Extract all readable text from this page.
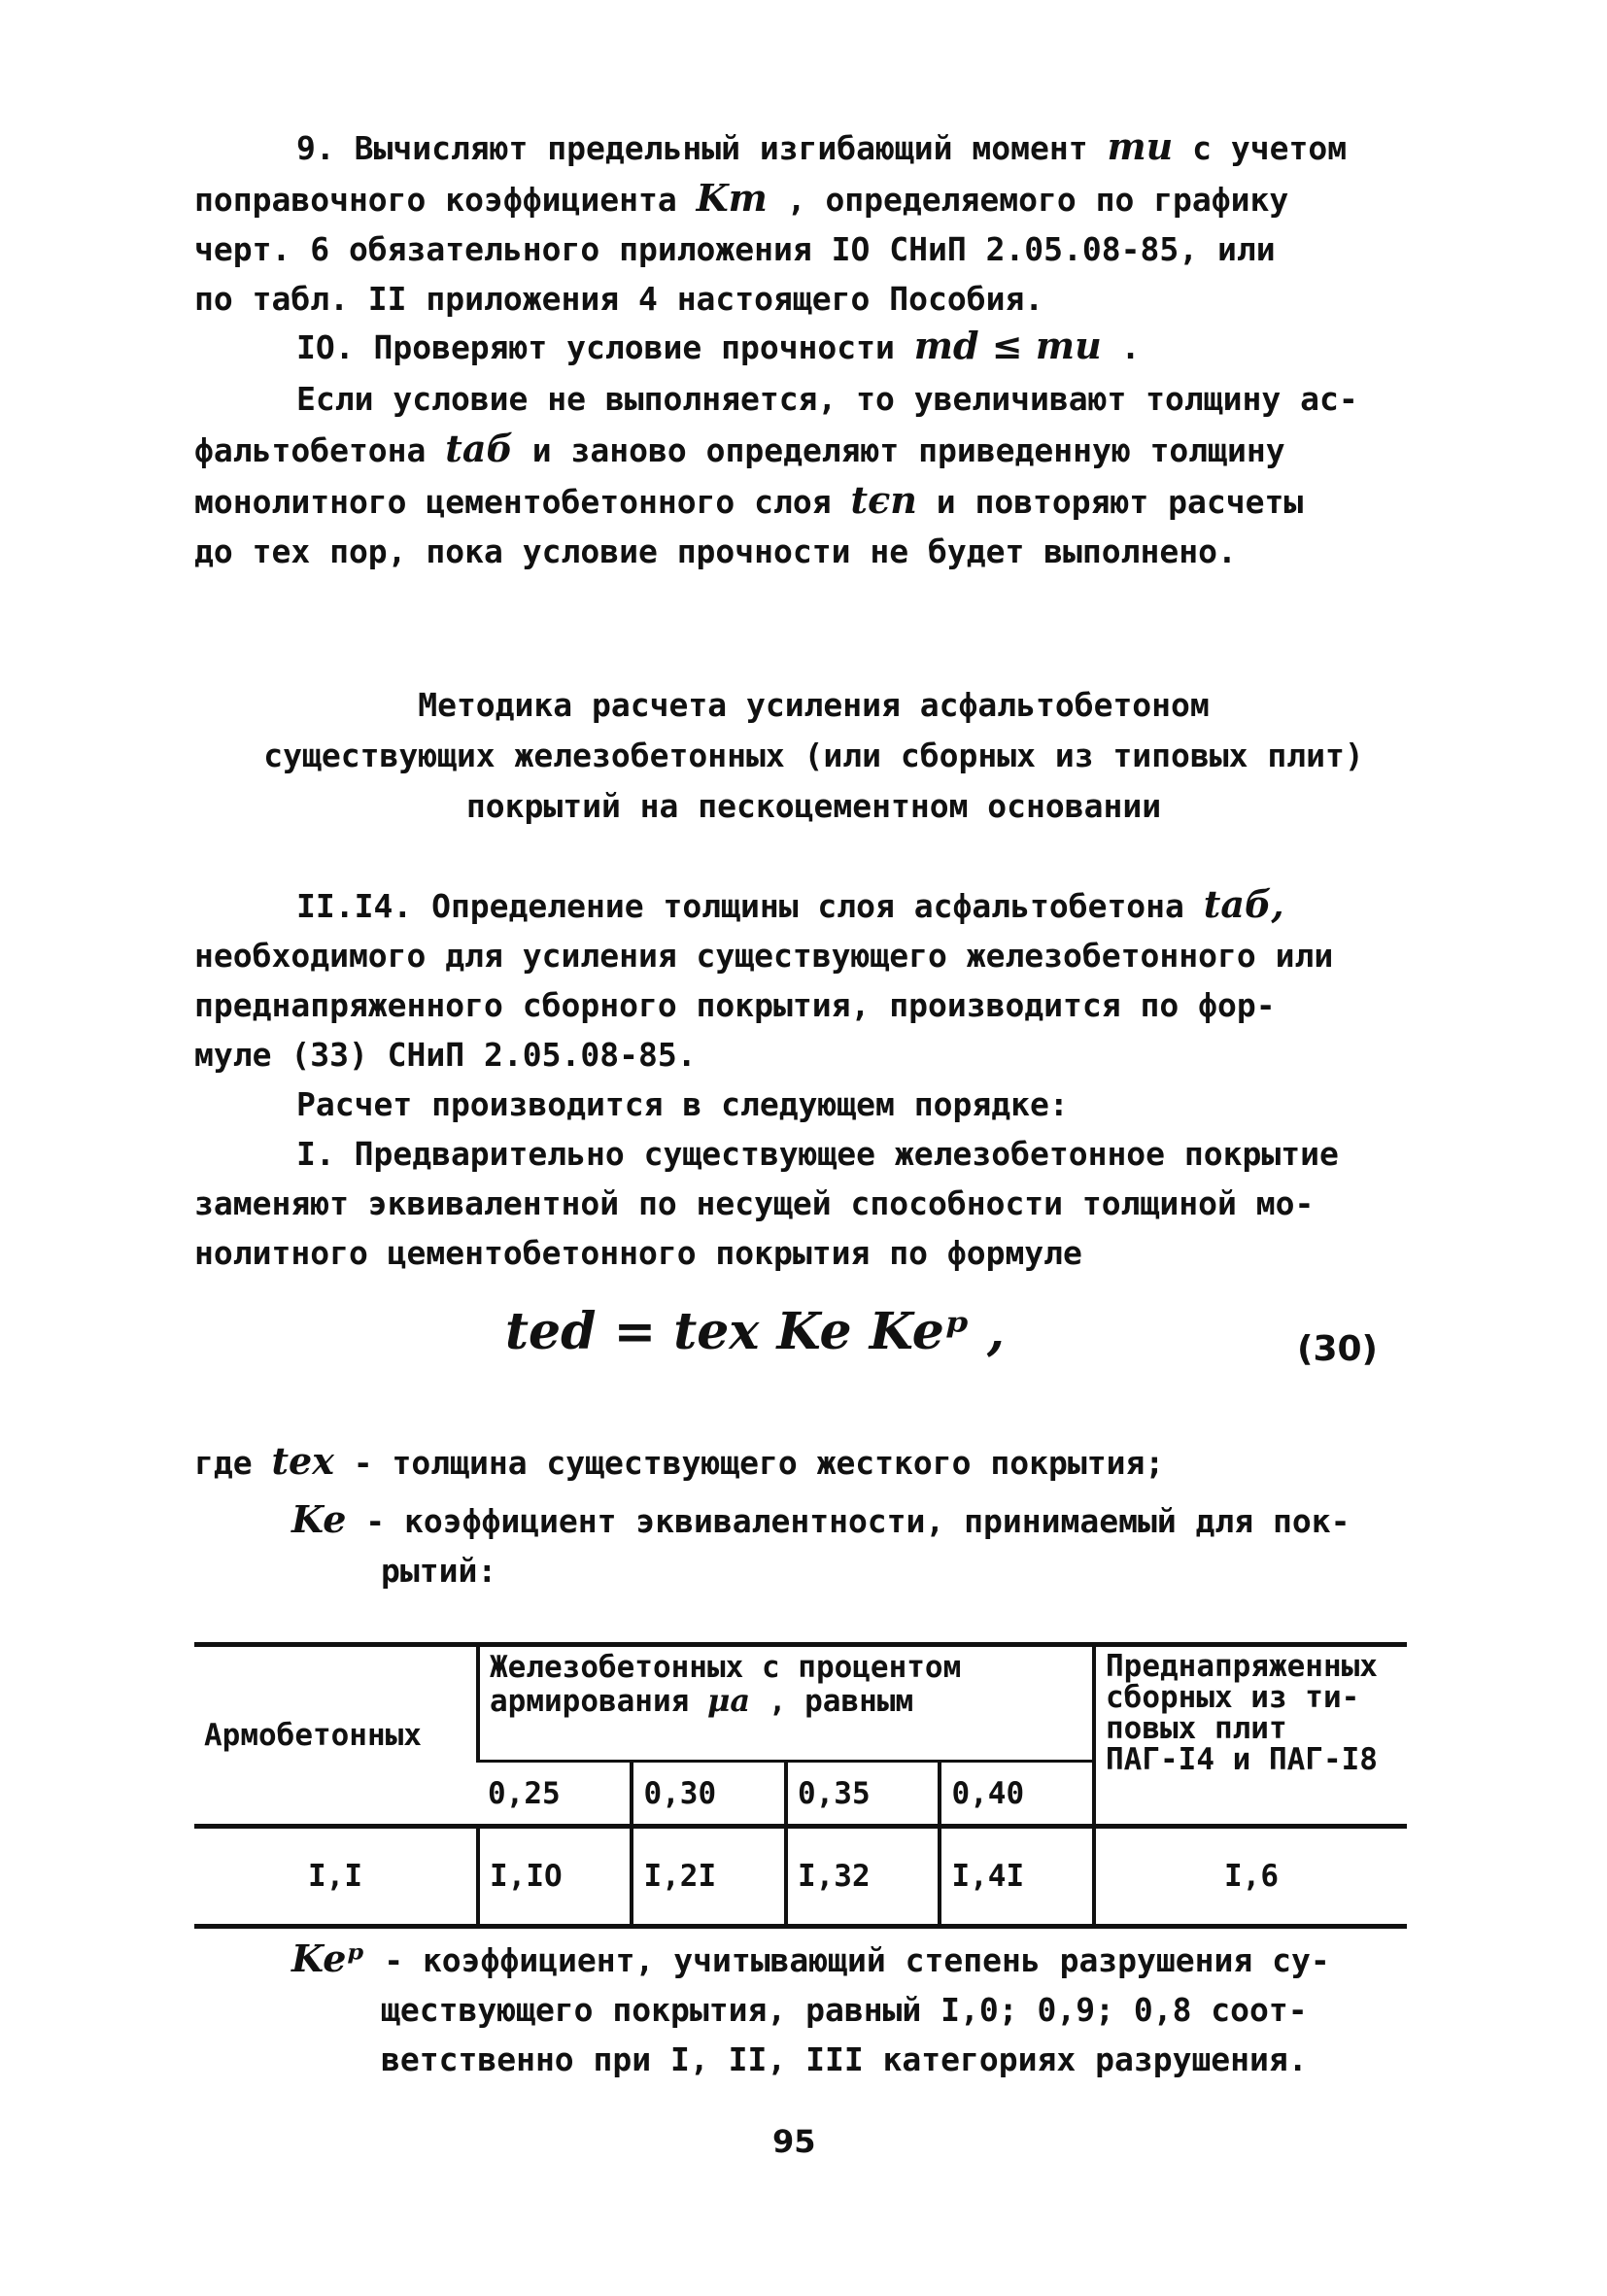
9. Вычисляют предельный изгибающий момент mu с учетом
поправочного коэффициента Km , определяемого по графику
черт. 6 обязательного приложения IO СНиП 2.05.08-85, или
по табл. II приложения 4 настоящего Пособия.

IO. Проверяют условие прочности md ≤ mu .

Если условие не выполняется, то увеличивают толщину ас-
фальтобетона tаб и заново определяют приведенную толщину
монолитного цементобетонного слоя tєп и повторяют расчеты
до тех пор, пока условие прочности не будет выполнено.

Методика расчета усиления асфальтобетоном
существующих железобетонных (или сборных из типовых плит)
покрытий на пескоцементном основании

II.I4. Определение толщины слоя асфальтобетона tаб,
необходимого для усиления существующего железобетонного или
преднапряженного сборного покрытия, производится по фор-
муле (33) СНиП 2.05.08-85.
Расчет производится в следующем порядке:
I. Предварительно существующее железобетонное покрытие
заменяют эквивалентной по несущей способности толщиной мо-
нолитного цементобетонного покрытия по формуле

ted = tex Ke Keᵖ ,	(30)
где tex - толщина существующего жесткого покрытия;
Ke - коэффициент эквивалентности, принимаемый для пок-
рытий:
Армобетонных	Железобетонных с процентом
армирования μа , равным				Преднапряженных
сборных из ти-
повых плит
ПАГ-I4 и ПАГ-I8
	0,25	0,30	0,35	0,40	
I,I	I,IO	I,2I	I,32	I,4I	I,6
Keᵖ - коэффициент, учитывающий степень разрушения су-
ществующего покрытия, равный I,0; 0,9; 0,8 соот-
ветственно при I, II, III категориях разрушения.
95
